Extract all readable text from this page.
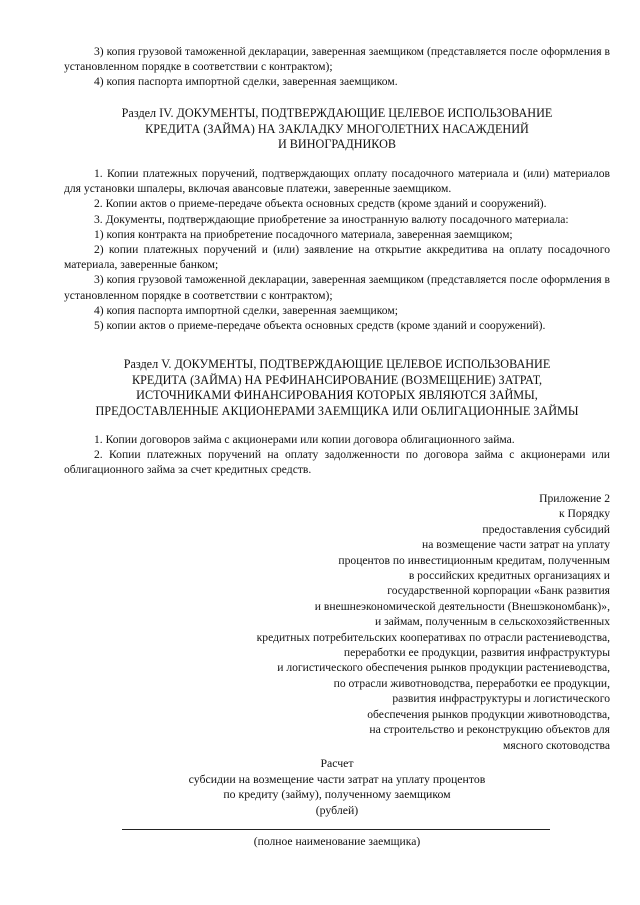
3) копия грузовой таможенной декларации, заверенная заемщиком (представляется после оформления в установленном порядке в соответствии с контрактом);

4) копия паспорта импортной сделки, заверенная заемщиком.

Раздел IV. ДОКУМЕНТЫ, ПОДТВЕРЖДАЮЩИЕ ЦЕЛЕВОЕ ИСПОЛЬЗОВАНИЕ
КРЕДИТА (ЗАЙМА) НА ЗАКЛАДКУ МНОГОЛЕТНИХ НАСАЖДЕНИЙ
И ВИНОГРАДНИКОВ

1. Копии платежных поручений, подтверждающих оплату посадочного материала и (или) материалов для установки шпалеры, включая авансовые платежи, заверенные заемщиком.

2. Копии актов о приеме-передаче объекта основных средств (кроме зданий и сооружений).

3. Документы, подтверждающие приобретение за иностранную валюту посадочного материала:

1) копия контракта на приобретение посадочного материала, заверенная заемщиком;

2) копии платежных поручений и (или) заявление на открытие аккредитива на оплату посадочного материала, заверенные банком;

3) копия грузовой таможенной декларации, заверенная заемщиком (представляется после оформления в установленном порядке в соответствии с контрактом);

4) копия паспорта импортной сделки, заверенная заемщиком;

5) копии актов о приеме-передаче объекта основных средств (кроме зданий и сооружений).

Раздел V. ДОКУМЕНТЫ, ПОДТВЕРЖДАЮЩИЕ ЦЕЛЕВОЕ ИСПОЛЬЗОВАНИЕ
КРЕДИТА (ЗАЙМА) НА РЕФИНАНСИРОВАНИЕ (ВОЗМЕЩЕНИЕ) ЗАТРАТ,
ИСТОЧНИКАМИ ФИНАНСИРОВАНИЯ КОТОРЫХ ЯВЛЯЮТСЯ ЗАЙМЫ,
ПРЕДОСТАВЛЕННЫЕ АКЦИОНЕРАМИ ЗАЕМЩИКА ИЛИ ОБЛИГАЦИОННЫЕ ЗАЙМЫ

1. Копии договоров займа с акционерами или копии договора облигационного займа.

2. Копии платежных поручений на оплату задолженности по договора займа с акционерами или облигационного займа за счет кредитных средств.

Приложение 2
к Порядку
предоставления субсидий
на возмещение части затрат на уплату
процентов по инвестиционным кредитам, полученным
в российских кредитных организациях и
государственной корпорации «Банк развития
и внешнеэкономической деятельности (Внешэкономбанк)»,
и займам, полученным в сельскохозяйственных
кредитных потребительских кооперативах по отрасли растениеводства,
переработки ее продукции, развития инфраструктуры
и логистического обеспечения рынков продукции растениеводства,
по отрасли животноводства, переработки ее продукции,
развития инфраструктуры и логистического
обеспечения рынков продукции животноводства,
на строительство и реконструкцию объектов для
мясного скотоводства
Расчет
субсидии на возмещение части затрат на уплату процентов
по кредиту (займу), полученному заемщиком
(рублей)
(полное наименование заемщика)
